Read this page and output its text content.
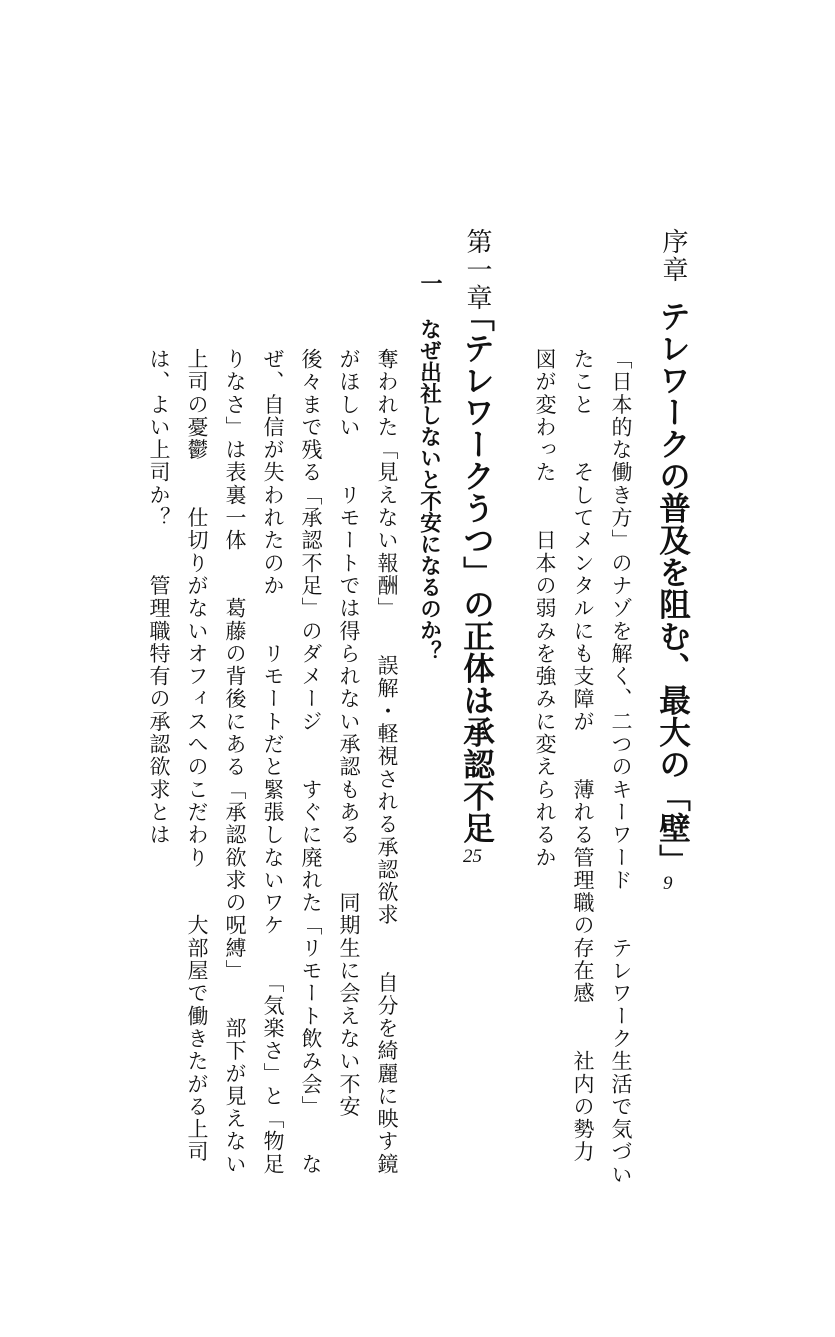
序章
テレワークの普及を阻む、最大の「壁」
9
「日本的な働き方」のナゾを解く、二つのキーワード　　テレワーク生活で気づい
たこと　　そしてメンタルにも支障が　　薄れる管理職の存在感　　社内の勢力
図が変わった　　日本の弱みを強みに変えられるか
第一章
「テレワークうつ」の正体は承認不足
25
一
なぜ出社しないと不安になるのか？
奪われた「見えない報酬」　　誤解・軽視される承認欲求　　自分を綺麗に映す鏡
がほしい　　リモートでは得られない承認もある　　同期生に会えない不安
後々まで残る「承認不足」のダメージ　　すぐに廃れた「リモート飲み会」　　な
ぜ、自信が失われたのか　　リモートだと緊張しないワケ　　「気楽さ」と「物足
りなさ」は表裏一体　　葛藤の背後にある「承認欲求の呪縛」　　部下が見えない
上司の憂鬱　　仕切りがないオフィスへのこだわり　　大部屋で働きたがる上司
は、よい上司か？　　管理職特有の承認欲求とは
